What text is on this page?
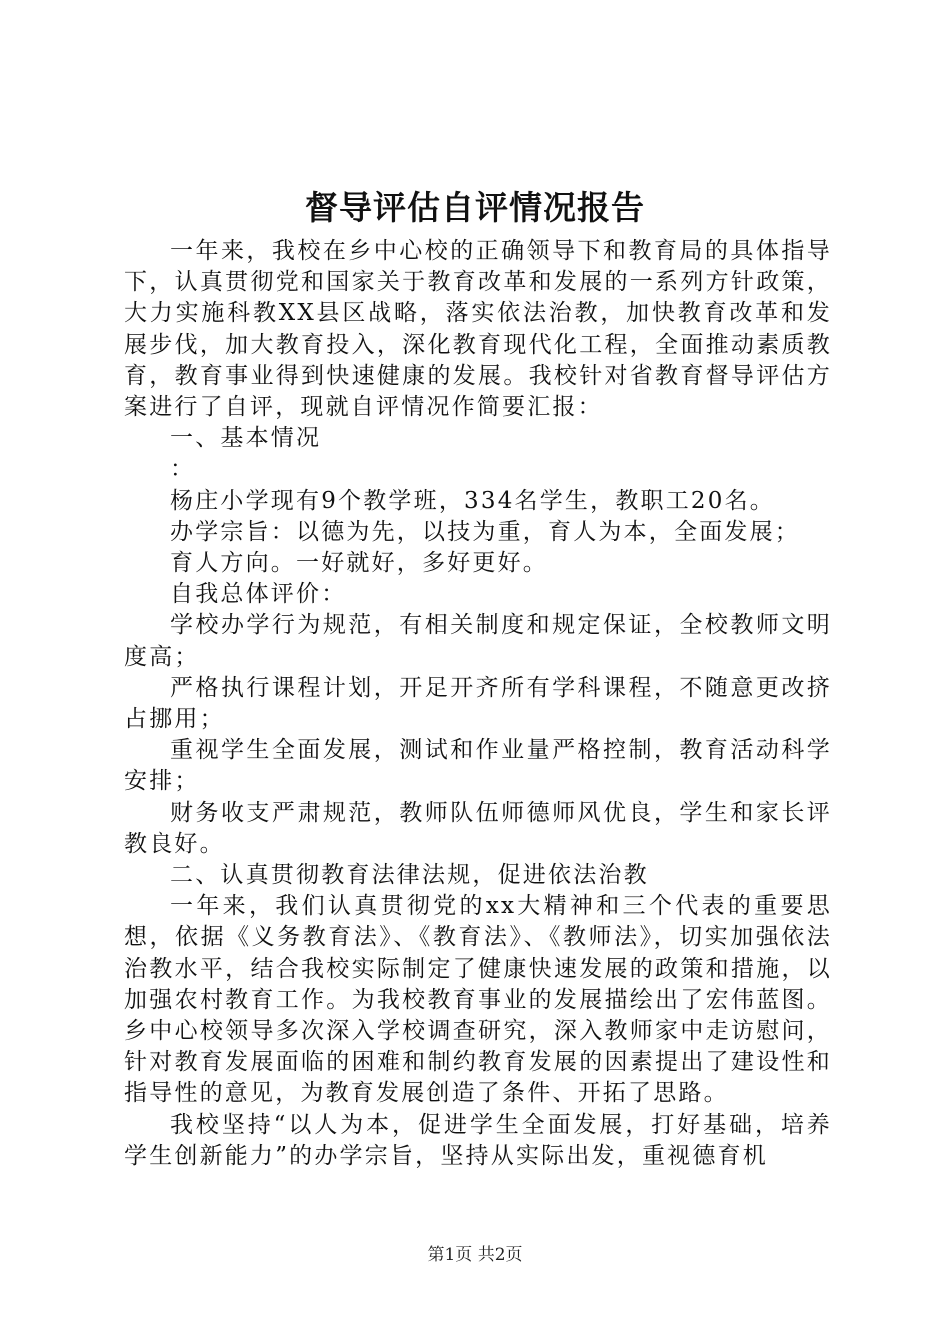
督导评估自评情况报告

一年来，我校在乡中心校的正确领导下和教育局的具体指导下，认真贯彻党和国家关于教育改革和发展的一系列方针政策，大力实施科教XX县区战略，落实依法治教，加快教育改革和发展步伐，加大教育投入，深化教育现代化工程，全面推动素质教育，教育事业得到快速健康的发展。我校针对省教育督导评估方案进行了自评，现就自评情况作简要汇报：

一、基本情况

：

杨庄小学现有9个教学班，334名学生，教职工20名。

办学宗旨：以德为先，以技为重，育人为本，全面发展；

育人方向。一好就好，多好更好。

自我总体评价：

学校办学行为规范，有相关制度和规定保证，全校教师文明度高；

严格执行课程计划，开足开齐所有学科课程，不随意更改挤占挪用；

重视学生全面发展，测试和作业量严格控制，教育活动科学安排；

财务收支严肃规范，教师队伍师德师风优良，学生和家长评教良好。

二、认真贯彻教育法律法规，促进依法治教

一年来，我们认真贯彻党的xx大精神和三个代表的重要思想，依据《义务教育法》、《教育法》、《教师法》，切实加强依法治教水平，结合我校实际制定了健康快速发展的政策和措施，以加强农村教育工作。为我校教育事业的发展描绘出了宏伟蓝图。乡中心校领导多次深入学校调查研究，深入教师家中走访慰问，针对教育发展面临的困难和制约教育发展的因素提出了建设性和指导性的意见，为教育发展创造了条件、开拓了思路。

我校坚持“以人为本，促进学生全面发展，打好基础，培养学生创新能力”的办学宗旨，坚持从实际出发，重视德育机

第1页 共2页
